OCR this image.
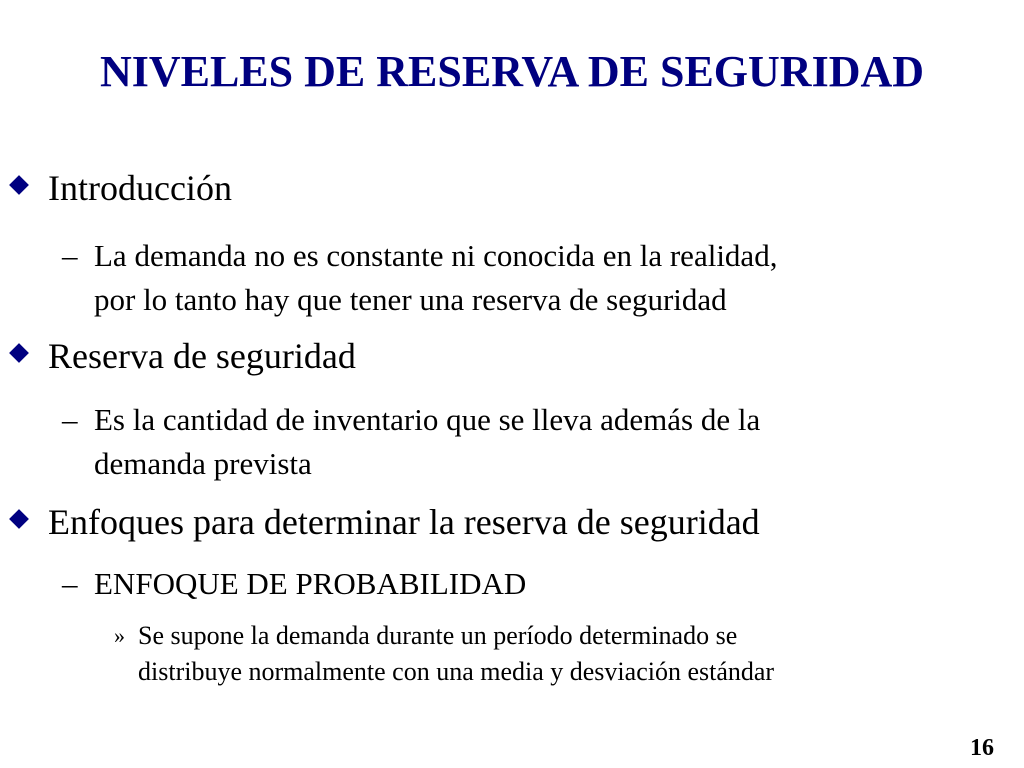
NIVELES DE RESERVA DE SEGURIDAD
Introducción
– La demanda no es constante ni conocida en la realidad,
por lo tanto hay que tener una reserva de seguridad
Reserva de seguridad
– Es la cantidad de inventario que se lleva además de la
demanda prevista
Enfoques para determinar la reserva de seguridad
– ENFOQUE DE PROBABILIDAD
» Se supone la demanda durante un período determinado se
distribuye normalmente con una media y desviación estándar
16
